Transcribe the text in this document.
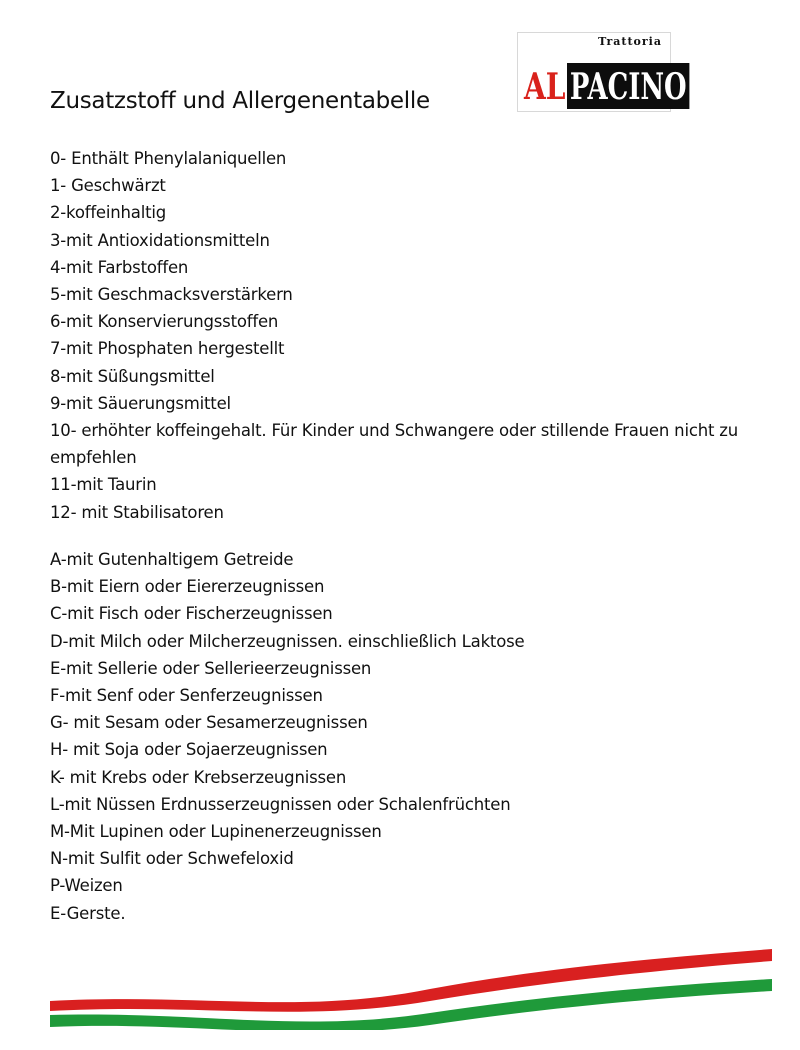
Zusatzstoff und Allergenentabelle
Trattoria
AL PACINO
0- Enthält Phenylalaniquellen
1- Geschwärzt
2-koffeinhaltig
3-mit Antioxidationsmitteln
4-mit Farbstoffen
5-mit Geschmacksverstärkern
6-mit Konservierungsstoffen
7-mit Phosphaten hergestellt
8-mit Süßungsmittel
9-mit Säuerungsmittel
10- erhöhter koffeingehalt. Für Kinder und Schwangere oder stillende Frauen nicht zu empfehlen
11-mit Taurin
12- mit Stabilisatoren
A-mit Gutenhaltigem Getreide
B-mit Eiern oder Eiererzeugnissen
C-mit Fisch oder Fischerzeugnissen
D-mit Milch oder Milcherzeugnissen. einschließlich Laktose
E-mit Sellerie oder Sellerieerzeugnissen
F-mit Senf oder Senferzeugnissen
G- mit Sesam oder Sesamerzeugnissen
H- mit Soja oder Sojaerzeugnissen
K- mit Krebs oder Krebserzeugnissen
L-mit Nüssen Erdnusserzeugnissen oder Schalenfrüchten
M-Mit Lupinen oder Lupinenerzeugnissen
N-mit Sulfit oder Schwefeloxid
P-Weizen
E-Gerste.
